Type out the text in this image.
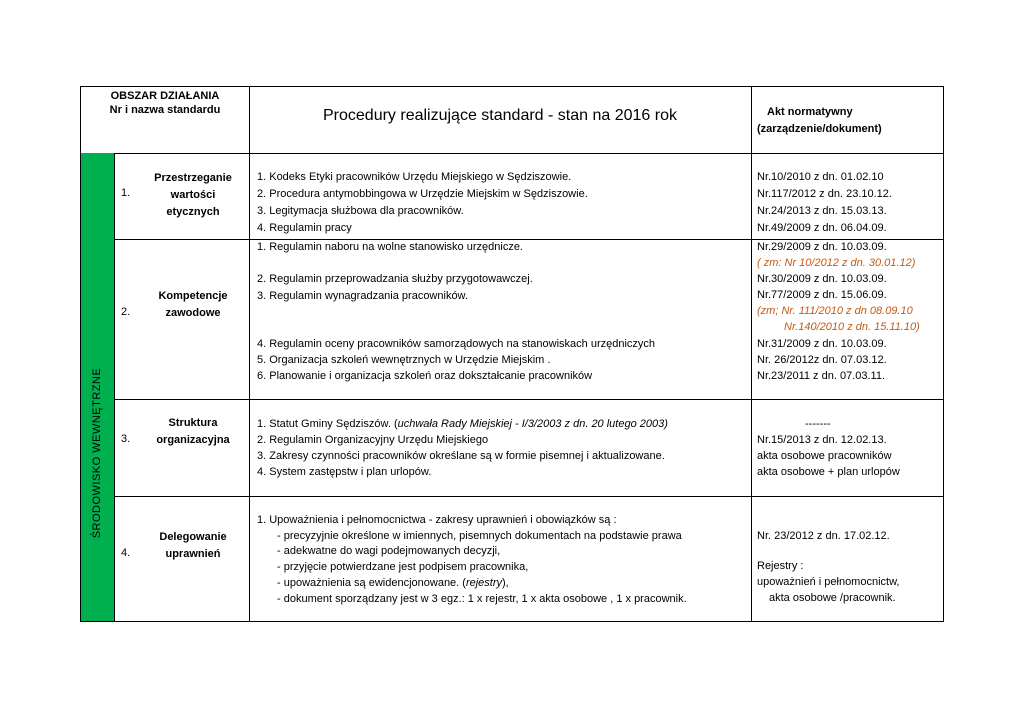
ŚRODOWISKO WEWNĘTRZNE
OBSZAR DZIAŁANIA
Nr i nazwa standardu	Procedury realizujące standard - stan na 2016 rok	Akt normatywny
(zarządzenie/dokument)
1.
Przestrzeganie
wartości
etycznych
1. Kodeks Etyki pracowników Urzędu Miejskiego w Sędziszowie.
2. Procedura antymobbingowa w Urzędzie Miejskim w Sędziszowie.
3. Legitymacja służbowa dla pracowników.
4. Regulamin pracy
Nr.10/2010 z dn. 01.02.10
Nr.117/2012 z dn. 23.10.12.
Nr.24/2013 z dn. 15.03.13.
Nr.49/2009 z dn. 06.04.09.
2.
Kompetencje
zawodowe
1. Regulamin naboru na wolne stanowisko urzędnicze.
2. Regulamin przeprowadzania służby przygotowawczej.
3. Regulamin wynagradzania pracowników.
4. Regulamin oceny pracowników samorządowych na stanowiskach urzędniczych
5. Organizacja szkoleń wewnętrznych w Urzędzie Miejskim .
6. Planowanie i organizacja szkoleń oraz dokształcanie pracowników
Nr.29/2009 z dn. 10.03.09.
( zm: Nr 10/2012 z dn. 30.01.12)
Nr.30/2009 z dn. 10.03.09.
Nr.77/2009 z dn. 15.06.09.
(zm; Nr. 111/2010 z dn 08.09.10
Nr.140/2010 z dn. 15.11.10)
Nr.31/2009 z dn. 10.03.09.
Nr. 26/2012z dn. 07.03.12.
Nr.23/2011 z dn. 07.03.11.
3.
Struktura
organizacyjna
1. Statut Gminy Sędziszów. (uchwała Rady Miejskiej - I/3/2003 z dn. 20 lutego 2003)
2. Regulamin Organizacyjny Urzędu Miejskiego
3. Zakresy czynności pracowników określane są w formie pisemnej i aktualizowane.
4. System zastępstw i plan urlopów.
-------
Nr.15/2013 z dn. 12.02.13.
akta osobowe pracowników
akta osobowe + plan urlopów
4.
Delegowanie
uprawnień
1. Upoważnienia i pełnomocnictwa - zakresy uprawnień i obowiązków są :
- precyzyjnie określone w imiennych, pisemnych dokumentach na podstawie prawa
- adekwatne do wagi podejmowanych decyzji,
- przyjęcie potwierdzane jest podpisem pracownika,
- upoważnienia są ewidencjonowane. (rejestry),
- dokument sporządzany jest w 3 egz.: 1 x rejestr, 1 x akta osobowe , 1 x pracownik.
Nr. 23/2012 z dn. 17.02.12.
Rejestry :
upoważnień i pełnomocnictw,
akta osobowe /pracownik.
